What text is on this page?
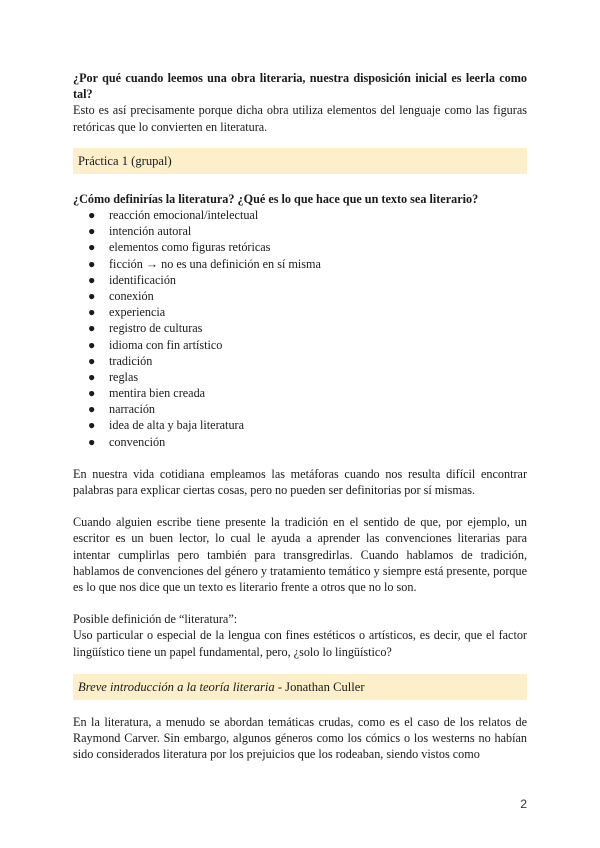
¿Por qué cuando leemos una obra literaria, nuestra disposición inicial es leerla como tal?

Esto es así precisamente porque dicha obra utiliza elementos del lenguaje como las figuras retóricas que lo convierten en literatura.

Práctica 1 (grupal)

¿Cómo definirías la literatura? ¿Qué es lo que hace que un texto sea literario?

● reacción emocional/intelectual
● intención autoral
● elementos como figuras retóricas
● ficción → no es una definición en sí misma
● identificación
● conexión
● experiencia
● registro de culturas
● idioma con fin artístico
● tradición
● reglas
● mentira bien creada
● narración
● idea de alta y baja literatura
● convención

En nuestra vida cotidiana empleamos las metáforas cuando nos resulta difícil encontrar palabras para explicar ciertas cosas, pero no pueden ser definitorias por sí mismas.

Cuando alguien escribe tiene presente la tradición en el sentido de que, por ejemplo, un escritor es un buen lector, lo cual le ayuda a aprender las convenciones literarias para intentar cumplirlas pero también para transgredirlas. Cuando hablamos de tradición, hablamos de convenciones del género y tratamiento temático y siempre está presente, porque es lo que nos dice que un texto es literario frente a otros que no lo son.

Posible definición de “literatura”:

Uso particular o especial de la lengua con fines estéticos o artísticos, es decir, que el factor lingüístico tiene un papel fundamental, pero, ¿solo lo lingüístico?

Breve introducción a la teoría literaria - Jonathan Culler

En la literatura, a menudo se abordan temáticas crudas, como es el caso de los relatos de Raymond Carver. Sin embargo, algunos géneros como los cómics o los westerns no habían sido considerados literatura por los prejuicios que los rodeaban, siendo vistos como

2
